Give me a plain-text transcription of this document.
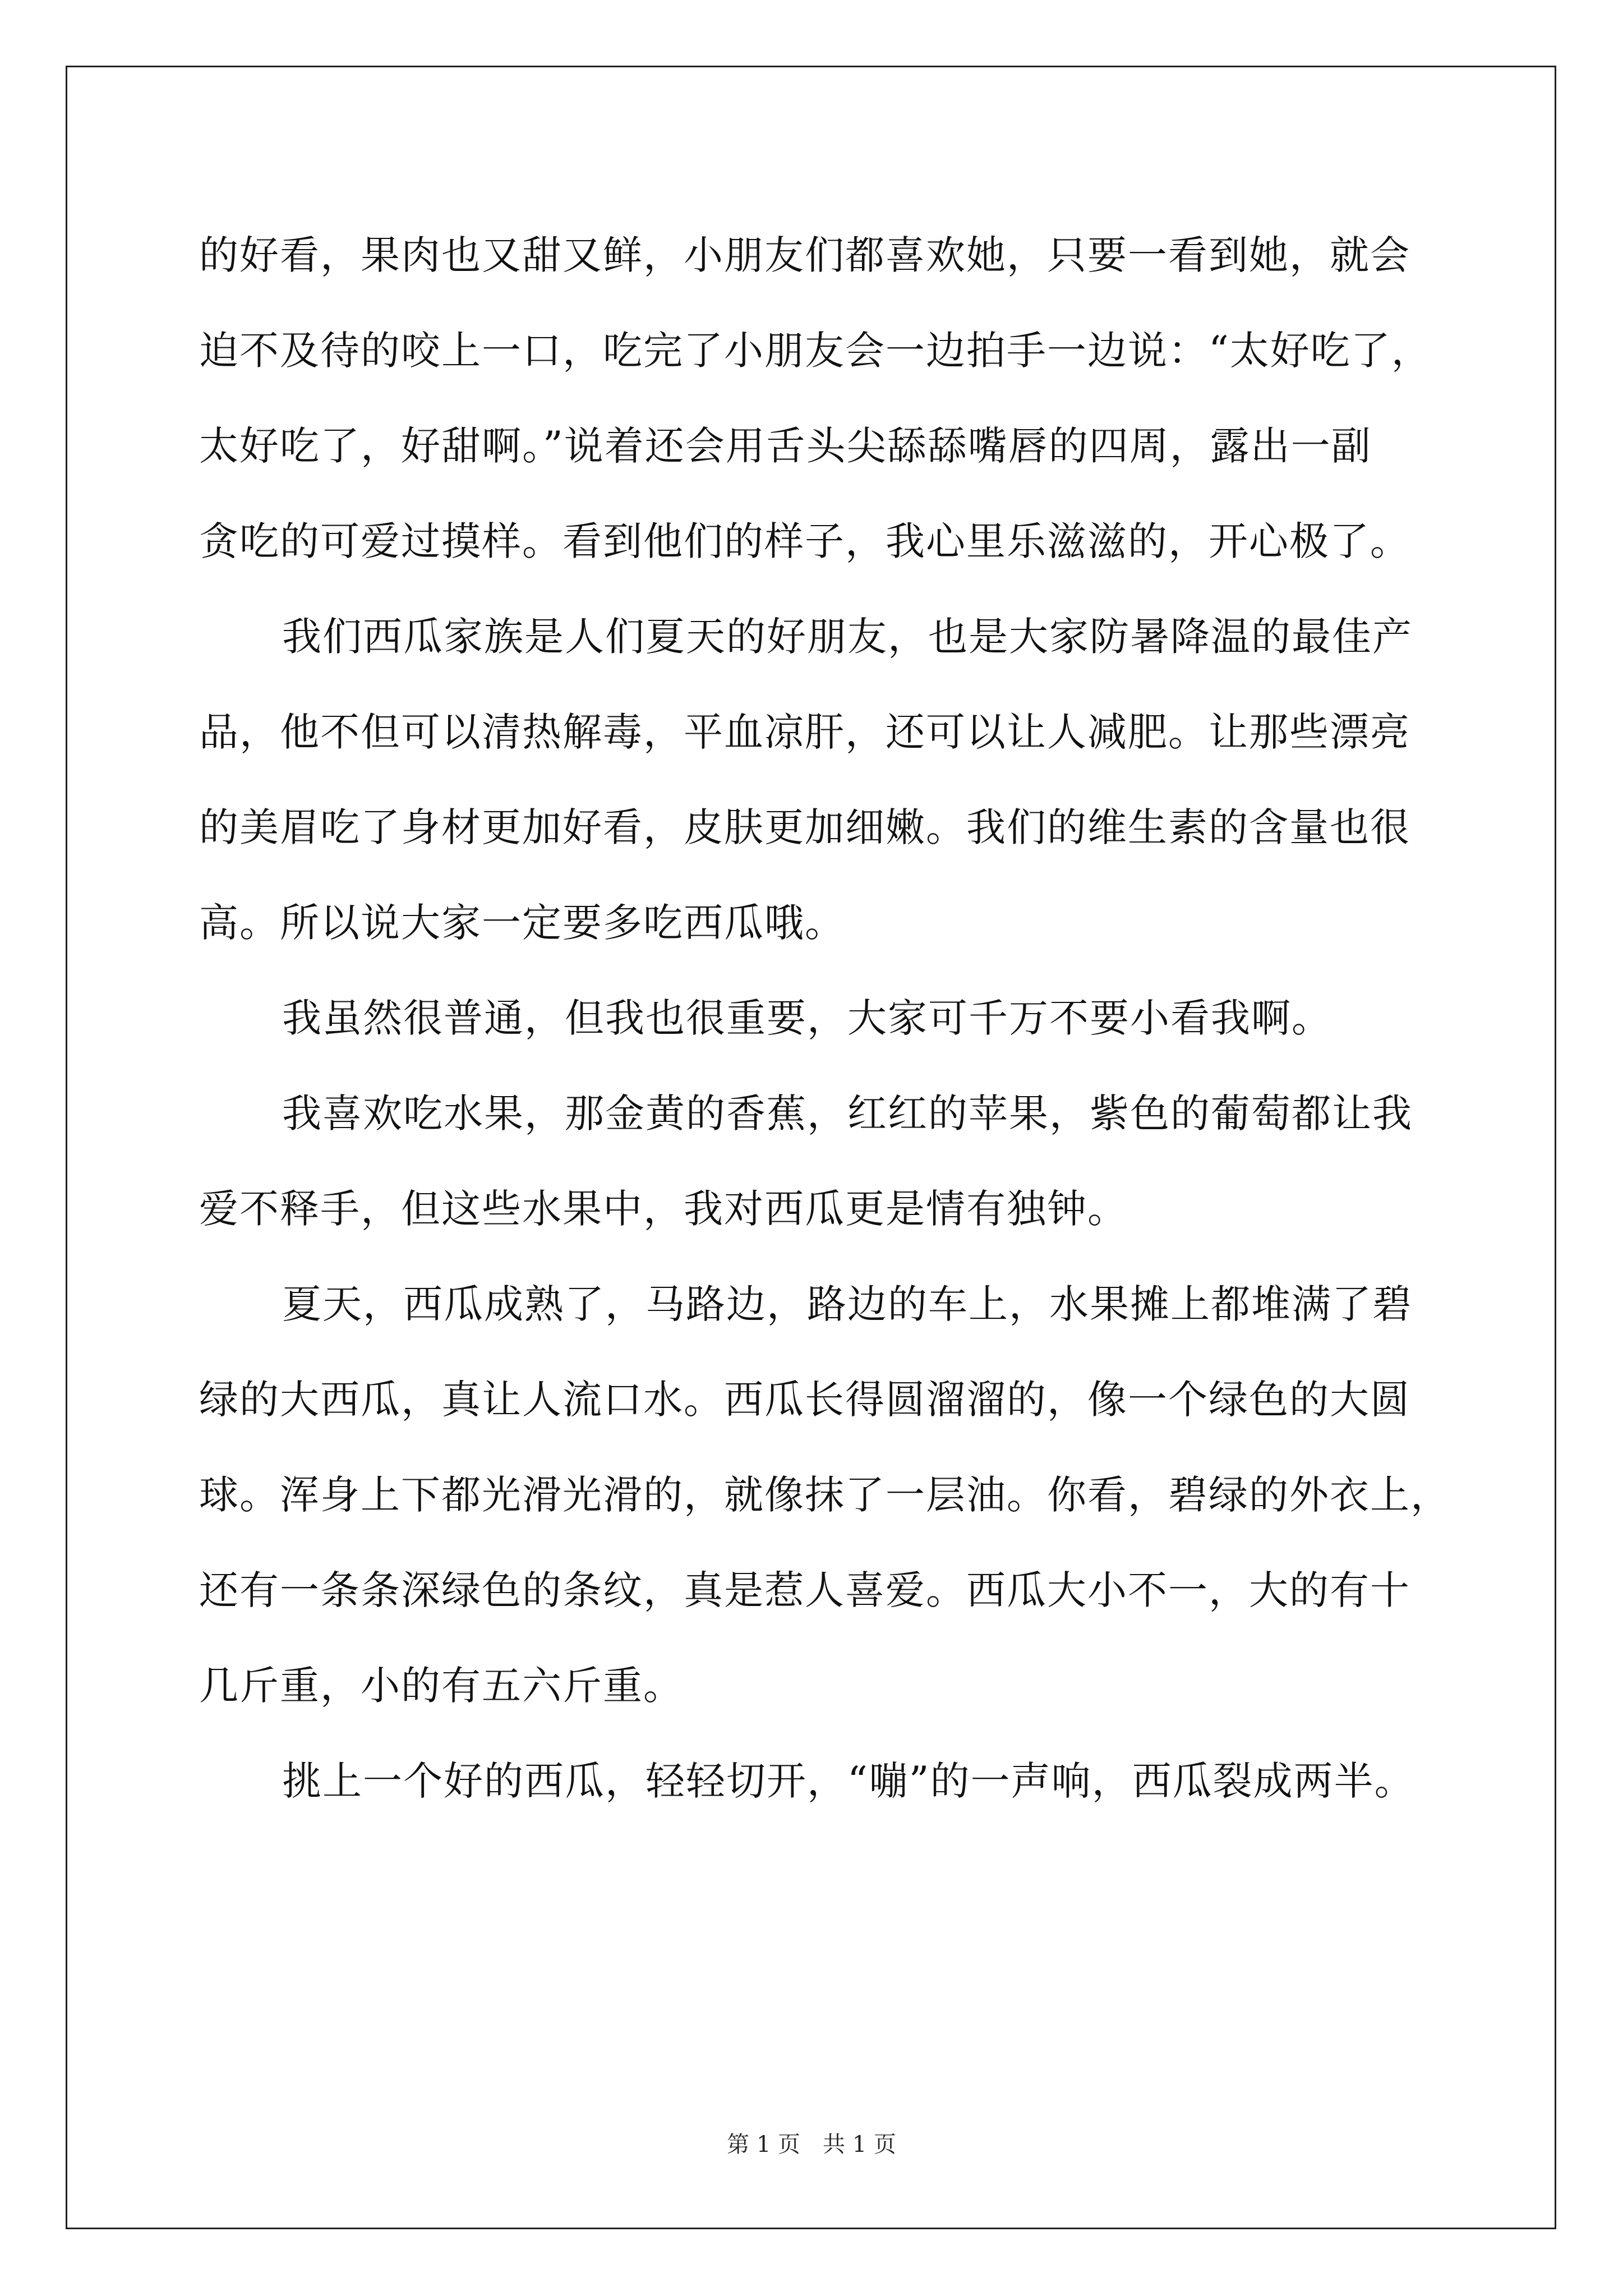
的好看，果肉也又甜又鲜，小朋友们都喜欢她，只要一看到她，就会
迫不及待的咬上一口，吃完了小朋友会一边拍手一边说：“太好吃了，
太好吃了，好甜啊。”说着还会用舌头尖舔舔嘴唇的四周，露出一副
贪吃的可爱过摸样。看到他们的样子，我心里乐滋滋的，开心极了。
我们西瓜家族是人们夏天的好朋友，也是大家防暑降温的最佳产
品，他不但可以清热解毒，平血凉肝，还可以让人减肥。让那些漂亮
的美眉吃了身材更加好看，皮肤更加细嫩。我们的维生素的含量也很
高。所以说大家一定要多吃西瓜哦。
我虽然很普通，但我也很重要，大家可千万不要小看我啊。
我喜欢吃水果，那金黄的香蕉，红红的苹果，紫色的葡萄都让我
爱不释手，但这些水果中，我对西瓜更是情有独钟。
夏天，西瓜成熟了，马路边，路边的车上，水果摊上都堆满了碧
绿的大西瓜，真让人流口水。西瓜长得圆溜溜的，像一个绿色的大圆
球。浑身上下都光滑光滑的，就像抹了一层油。你看，碧绿的外衣上，
还有一条条深绿色的条纹，真是惹人喜爱。西瓜大小不一，大的有十
几斤重，小的有五六斤重。
挑上一个好的西瓜，轻轻切开，“嘣”的一声响，西瓜裂成两半。
第 1 页 共 1 页
